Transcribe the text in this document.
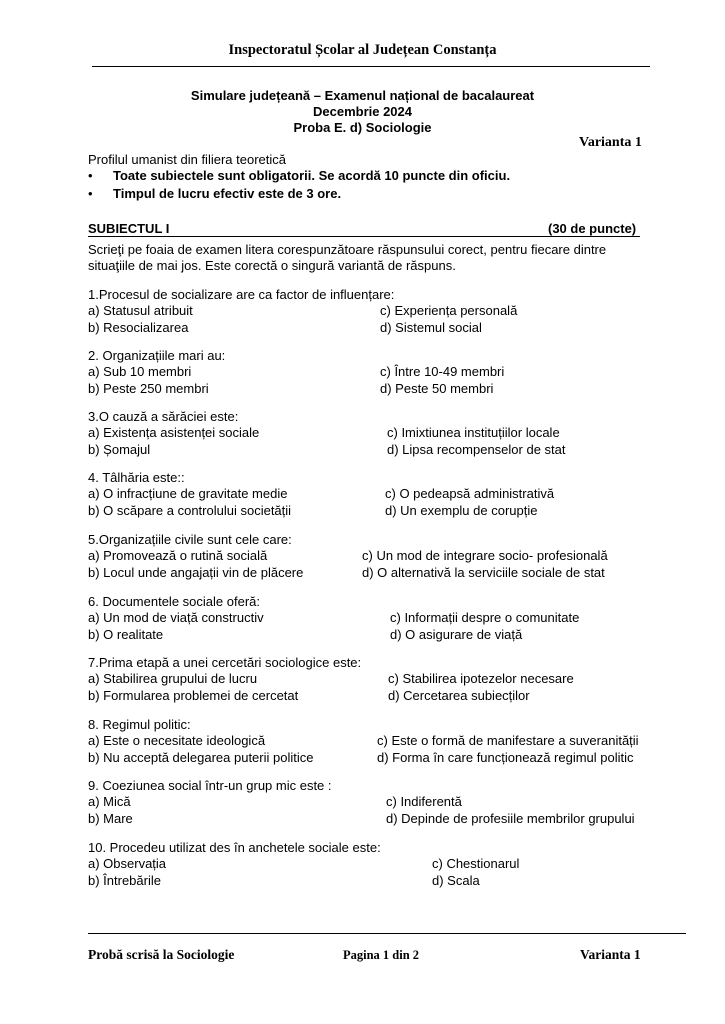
Inspectoratul Școlar al Județean Constanța
Simulare județeană – Examenul național de bacalaureat
Decembrie 2024
Proba E. d) Sociologie
Varianta 1
Profilul umanist din filiera teoretică
• Toate subiectele sunt obligatorii. Se acordă 10 puncte din oficiu.
• Timpul de lucru efectiv este de 3 ore.
SUBIECTUL I	(30 de puncte)
Scrieţi pe foaia de examen litera corespunzătoare răspunsului corect, pentru fiecare dintre
situaţiile de mai jos. Este corectă o singură variantă de răspuns.
1.Procesul de socializare are ca factor de influențare:
a) Statusul atribuit
b) Resocializarea
c) Experiența personală
d) Sistemul social
2. Organizațiile mari au:
a) Sub 10 membri
b) Peste 250 membri
c) Între 10-49 membri
d) Peste 50 membri
3.O cauză a sărăciei este:
a) Existența asistenței sociale
b) Șomajul
c) Imixtiunea instituțiilor locale
d) Lipsa recompenselor de stat
4. Tâlhăria este::
a) O infracțiune de gravitate medie
b) O scăpare a controlului societății
c) O pedeapsă administrativă
d) Un exemplu de corupție
5.Organizațiile civile sunt cele care:
a) Promovează o rutină socială
b) Locul unde angajații vin de plăcere
c) Un mod de integrare socio- profesională
d) O alternativă la serviciile sociale de stat
6. Documentele sociale oferă:
a) Un mod de viață constructiv
b) O realitate
c) Informații despre o comunitate
d) O asigurare de viață
7.Prima etapă a unei cercetări sociologice este:
a) Stabilirea grupului de lucru
b) Formularea problemei de cercetat
c) Stabilirea ipotezelor necesare
d) Cercetarea subiecților
8. Regimul politic:
a) Este o necesitate ideologică
b) Nu acceptă delegarea puterii politice
c) Este o formă de manifestare a suveranității
d) Forma în care funcționează regimul politic
9. Coeziunea social într-un grup mic este :
a) Mică
b) Mare
c) Indiferentă
d) Depinde de profesiile membrilor grupului
10. Procedeu utilizat des în anchetele sociale este:
a) Observația
b) Întrebările
c) Chestionarul
d) Scala
Probă scrisă la Sociologie	Pagina 1 din 2	Varianta 1
